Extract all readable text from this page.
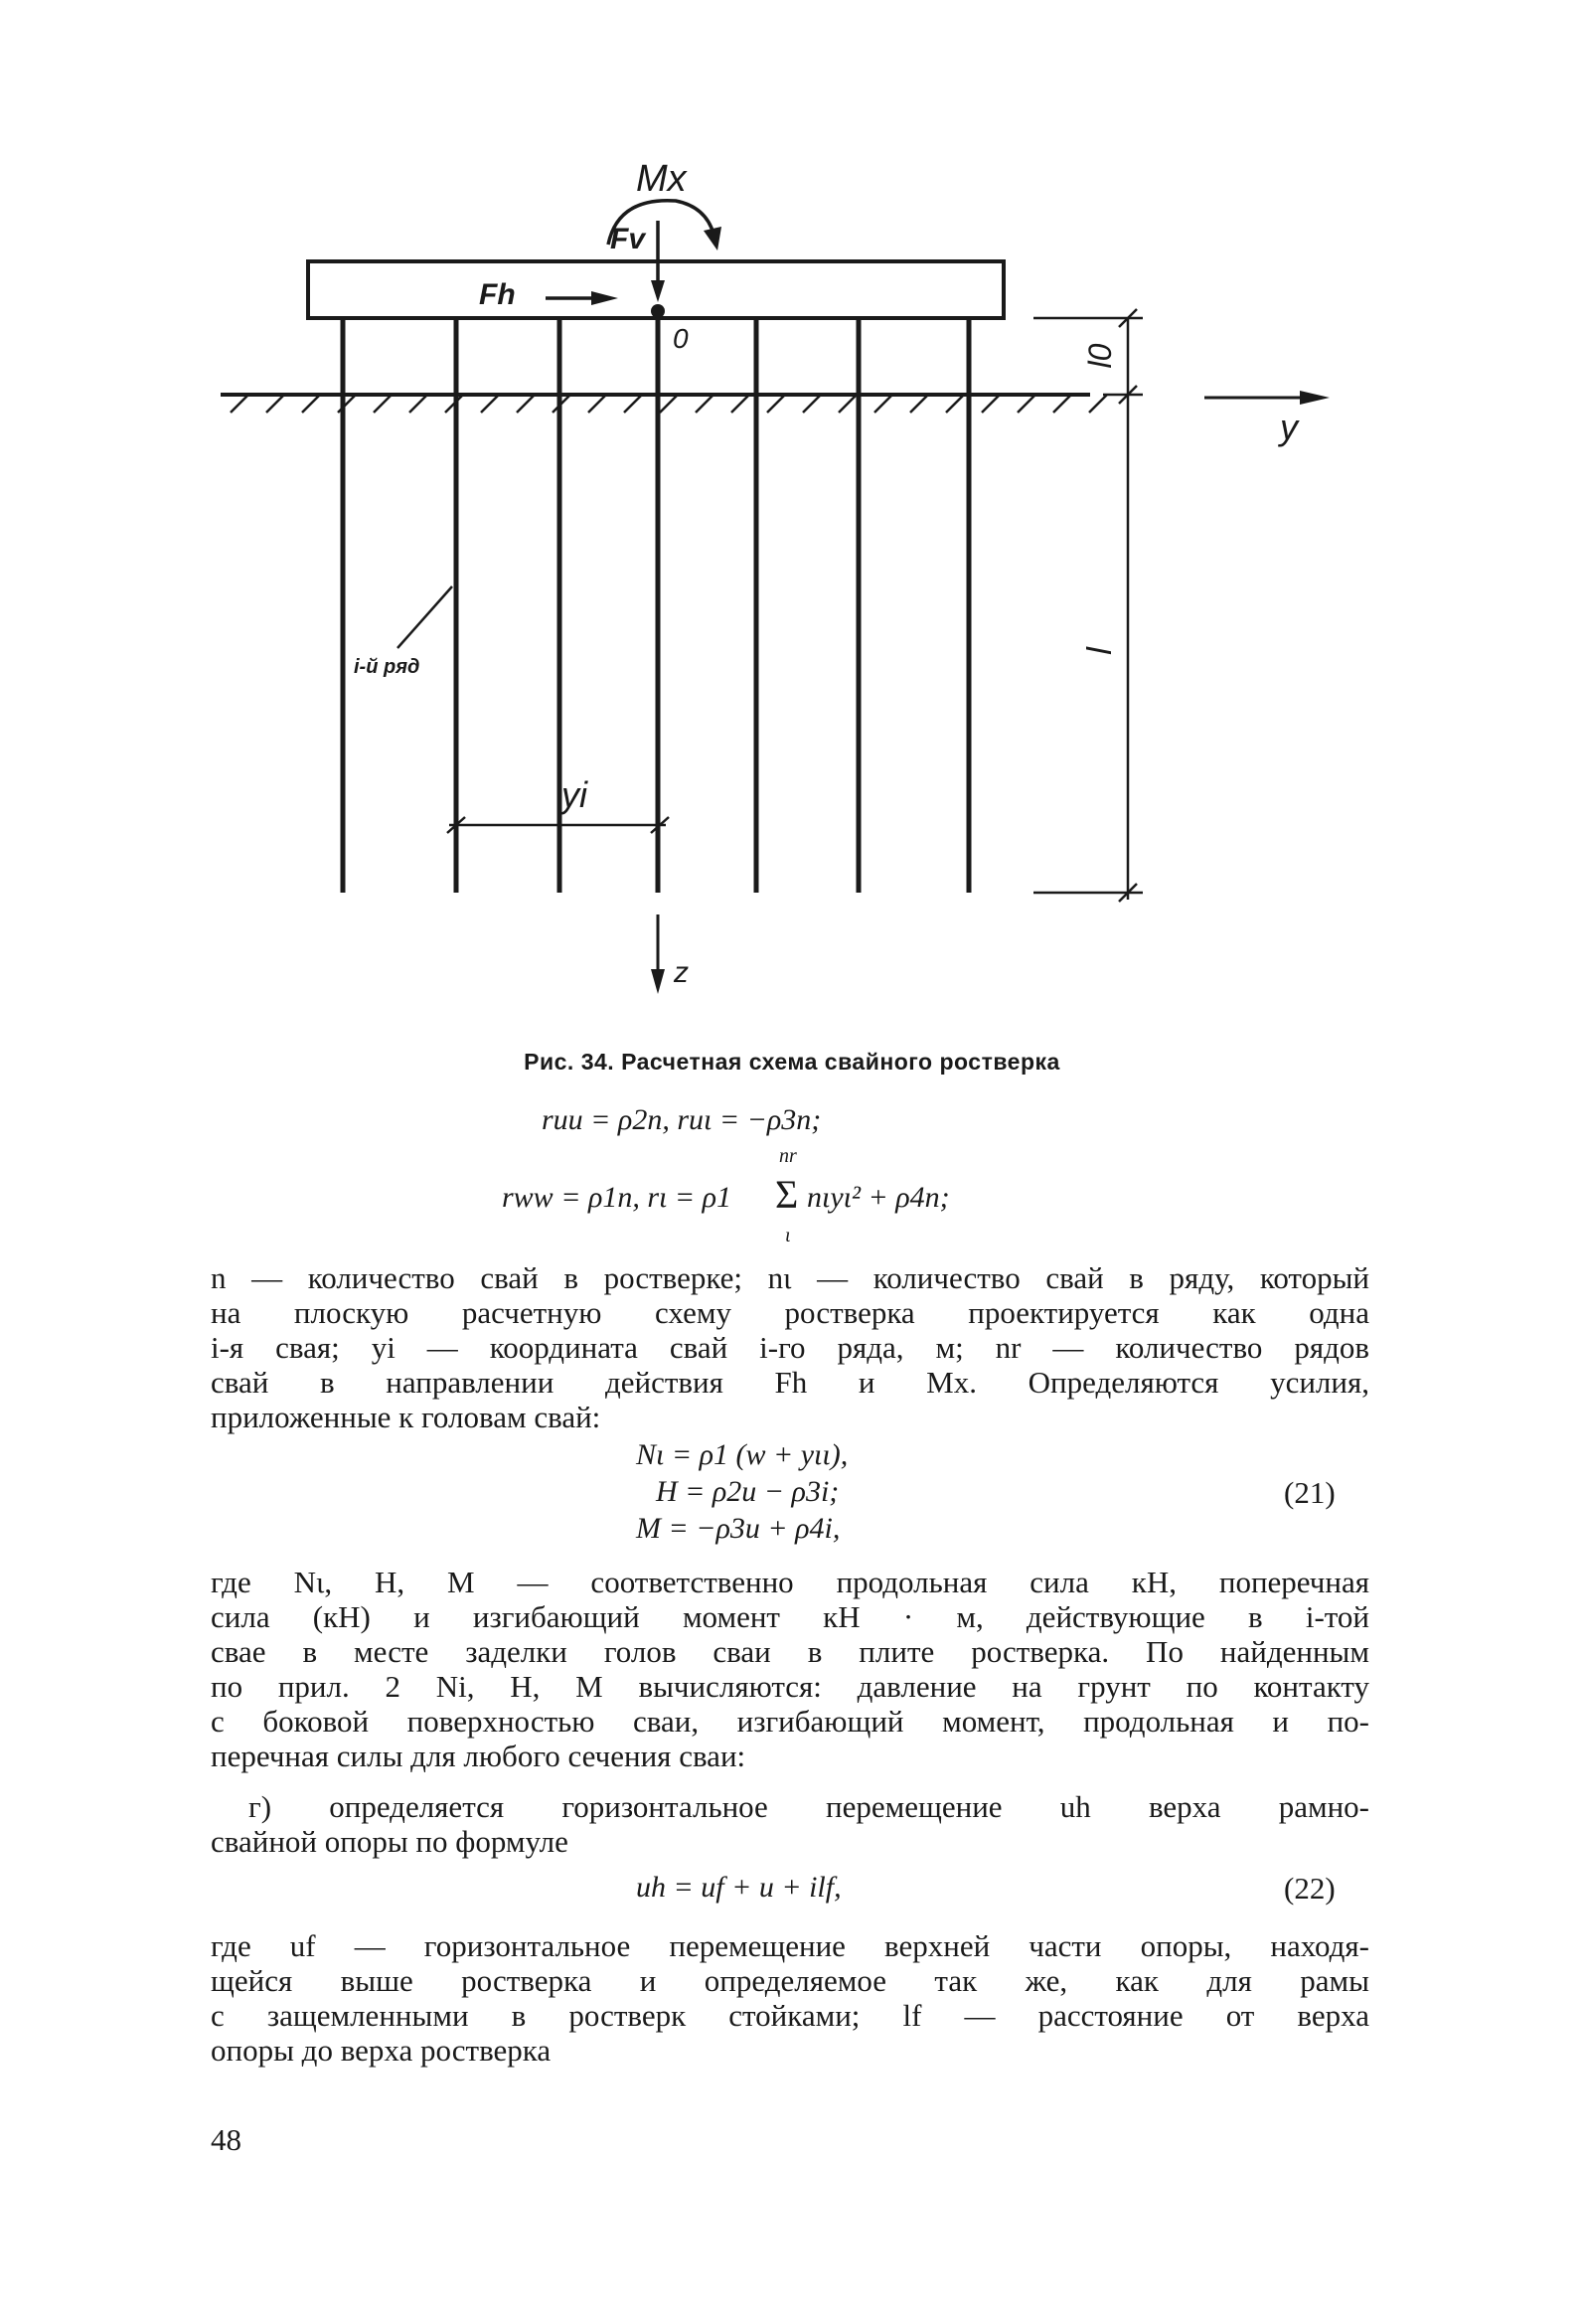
Mx
Fv
Fh
0
l0
l
y
z
i-й ряд
yi
Рис. 34. Расчетная схема свайного ростверка
ruu = ρ2n, ruι = −ρ3n;
nr
rww = ρ1n, rι = ρ1 Σ nιyι² + ρ4n;
ι
n — количество свай в ростверке; nι — количество свай в ряду, который
на плоскую расчетную схему ростверка проектируется как одна
i-я свая; yi — координата свай i-го ряда, м; nr — количество рядов
свай в направлении действия Fh и Mx. Определяются усилия,
приложенные к головам свай:
Nι = ρ1 (w + yιι),
H = ρ2u − ρ3i;
M = −ρ3u + ρ4i,
(21)
где Nι, H, M — соответственно продольная сила кН, поперечная
сила (кН) и изгибающий момент кН · м, действующие в i-той
свае в месте заделки голов сваи в плите ростверка. По найденным
по прил. 2 Ni, H, M вычисляются: давление на грунт по контакту
с боковой поверхностью сваи, изгибающий момент, продольная и по-
перечная силы для любого сечения сваи:
г) определяется горизонтальное перемещение uh верха рамно-
свайной опоры по формуле
uh = uf + u + ilf,	(22)
где uf — горизонтальное перемещение верхней части опоры, находя-
щейся выше ростверка и определяемое так же, как для рамы
с защемленными в ростверк стойками; lf — расстояние от верха
опоры до верха ростверка
48
